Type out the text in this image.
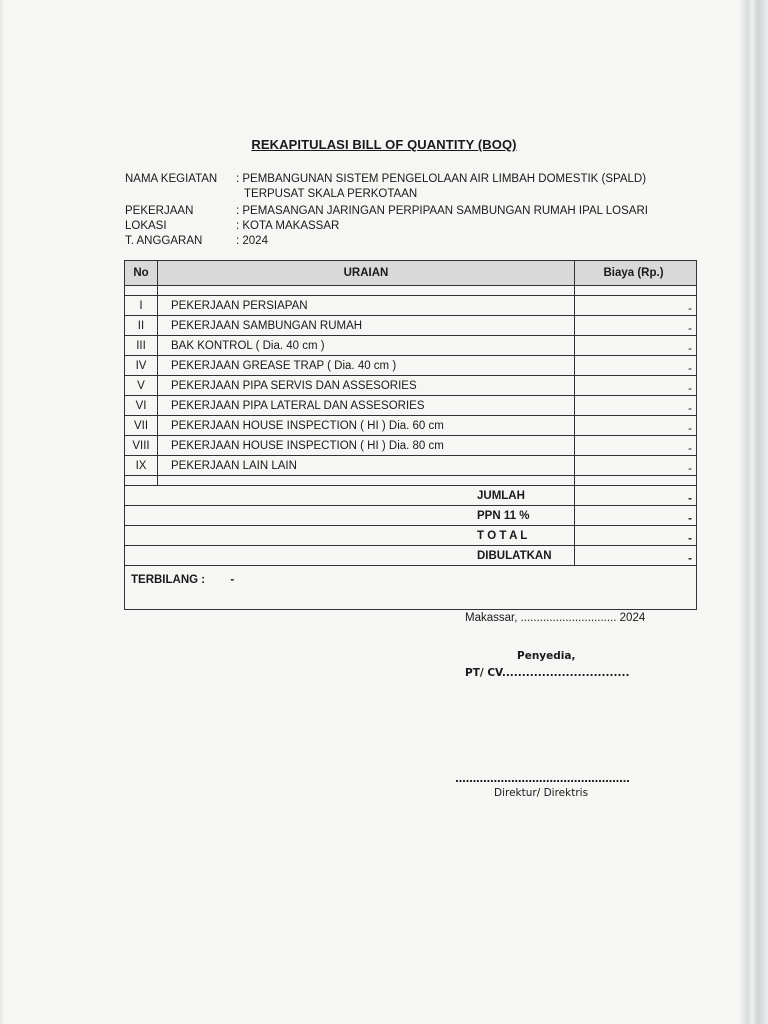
REKAPITULASI BILL OF QUANTITY (BOQ)
NAMA KEGIATAN	: PEMBANGUNAN SISTEM PENGELOLAAN AIR LIMBAH DOMESTIK (SPALD)
TERPUSAT SKALA PERKOTAAN
PEKERJAAN	: PEMASANGAN JARINGAN PERPIPAAN SAMBUNGAN RUMAH IPAL LOSARI
LOKASI	: KOTA MAKASSAR
T. ANGGARAN	: 2024
No	URAIAN	Biaya (Rp.)

I	PEKERJAAN PERSIAPAN	-
II	PEKERJAAN SAMBUNGAN RUMAH	-
III	BAK KONTROL ( Dia. 40 cm )	-
IV	PEKERJAAN GREASE TRAP ( Dia. 40 cm )	-
V	PEKERJAAN PIPA SERVIS DAN ASSESORIES	-
VI	PEKERJAAN PIPA LATERAL DAN ASSESORIES	-
VII	PEKERJAAN HOUSE INSPECTION ( HI ) Dia. 60 cm	-
VIII	PEKERJAAN HOUSE INSPECTION ( HI ) Dia. 80 cm	-
IX	PEKERJAAN LAIN LAIN	-

JUMLAH		-
PPN 11 %		-
T O T A L		-
DIBULATKAN		-
TERBILANG : -		
Makassar, .............................. 2024
Penyedia,
PT/ CV................................
..................................................
Direktur/ Direktris
